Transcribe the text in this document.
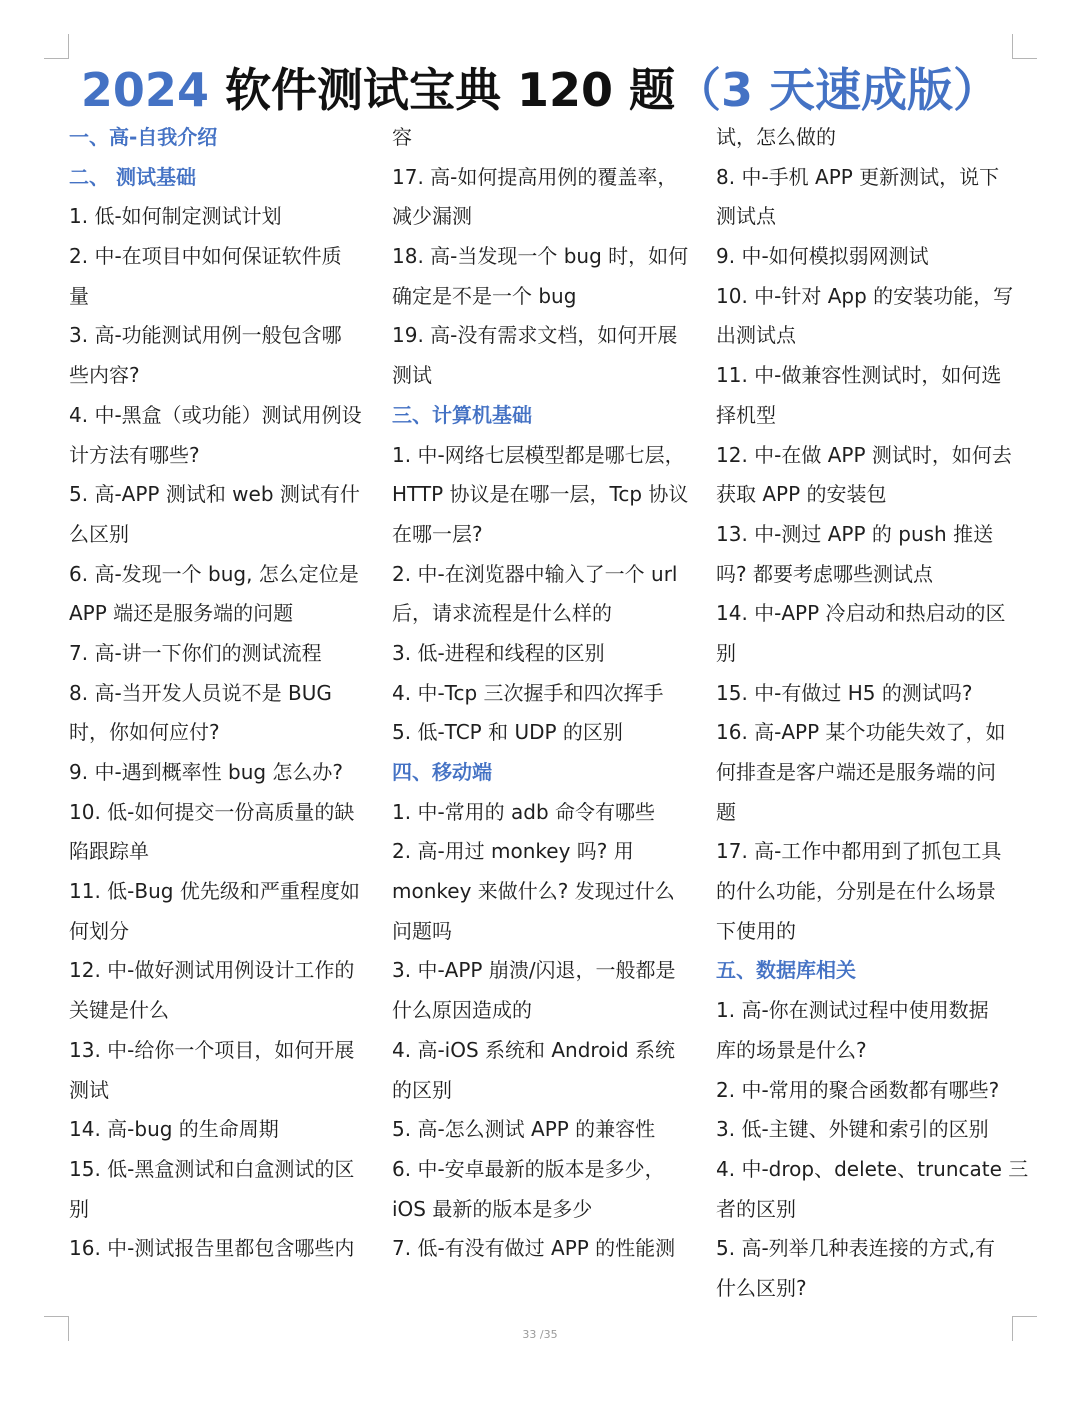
2024 软件测试宝典 120 题（3 天速成版）
一、高-自我介绍
二、 测试基础
1. 低-如何制定测试计划
2. 中-在项目中如何保证软件质
量
3. 高-功能测试用例一般包含哪
些内容?
4. 中-黑盒（或功能）测试用例设
计方法有哪些?
5. 高-APP 测试和 web 测试有什
么区别
6. 高-发现一个 bug, 怎么定位是
APP 端还是服务端的问题
7. 高-讲一下你们的测试流程
8. 高-当开发人员说不是 BUG
时，你如何应付?
9. 中-遇到概率性 bug 怎么办?
10. 低-如何提交一份高质量的缺
陷跟踪单
11. 低-Bug 优先级和严重程度如
何划分
12. 中-做好测试用例设计工作的
关键是什么
13. 中-给你一个项目，如何开展
测试
14. 高-bug 的生命周期
15. 低-黑盒测试和白盒测试的区
别
16. 中-测试报告里都包含哪些内
容
17. 高-如何提高用例的覆盖率，
减少漏测
18. 高-当发现一个 bug 时，如何
确定是不是一个 bug
19. 高-没有需求文档，如何开展
测试
三、计算机基础
1. 中-网络七层模型都是哪七层，
HTTP 协议是在哪一层，Tcp 协议
在哪一层?
2. 中-在浏览器中输入了一个 url
后，请求流程是什么样的
3. 低-进程和线程的区别
4. 中-Tcp 三次握手和四次挥手
5. 低-TCP 和 UDP 的区别
四、移动端
1. 中-常用的 adb 命令有哪些
2. 高-用过 monkey 吗? 用
monkey 来做什么? 发现过什么
问题吗
3. 中-APP 崩溃/闪退，一般都是
什么原因造成的
4. 高-iOS 系统和 Android 系统
的区别
5. 高-怎么测试 APP 的兼容性
6. 中-安卓最新的版本是多少，
iOS 最新的版本是多少
7. 低-有没有做过 APP 的性能测
试，怎么做的
8. 中-手机 APP 更新测试，说下
测试点
9. 中-如何模拟弱网测试
10. 中-针对 App 的安装功能，写
出测试点
11. 中-做兼容性测试时，如何选
择机型
12. 中-在做 APP 测试时，如何去
获取 APP 的安装包
13. 中-测过 APP 的 push 推送
吗? 都要考虑哪些测试点
14. 中-APP 冷启动和热启动的区
别
15. 中-有做过 H5 的测试吗?
16. 高-APP 某个功能失效了，如
何排查是客户端还是服务端的问
题
17. 高-工作中都用到了抓包工具
的什么功能，分别是在什么场景
下使用的
五、数据库相关
1. 高-你在测试过程中使用数据
库的场景是什么?
2. 中-常用的聚合函数都有哪些?
3. 低-主键、外键和索引的区别
4. 中-drop、delete、truncate 三
者的区别
5. 高-列举几种表连接的方式,有
什么区别?
33 /35
